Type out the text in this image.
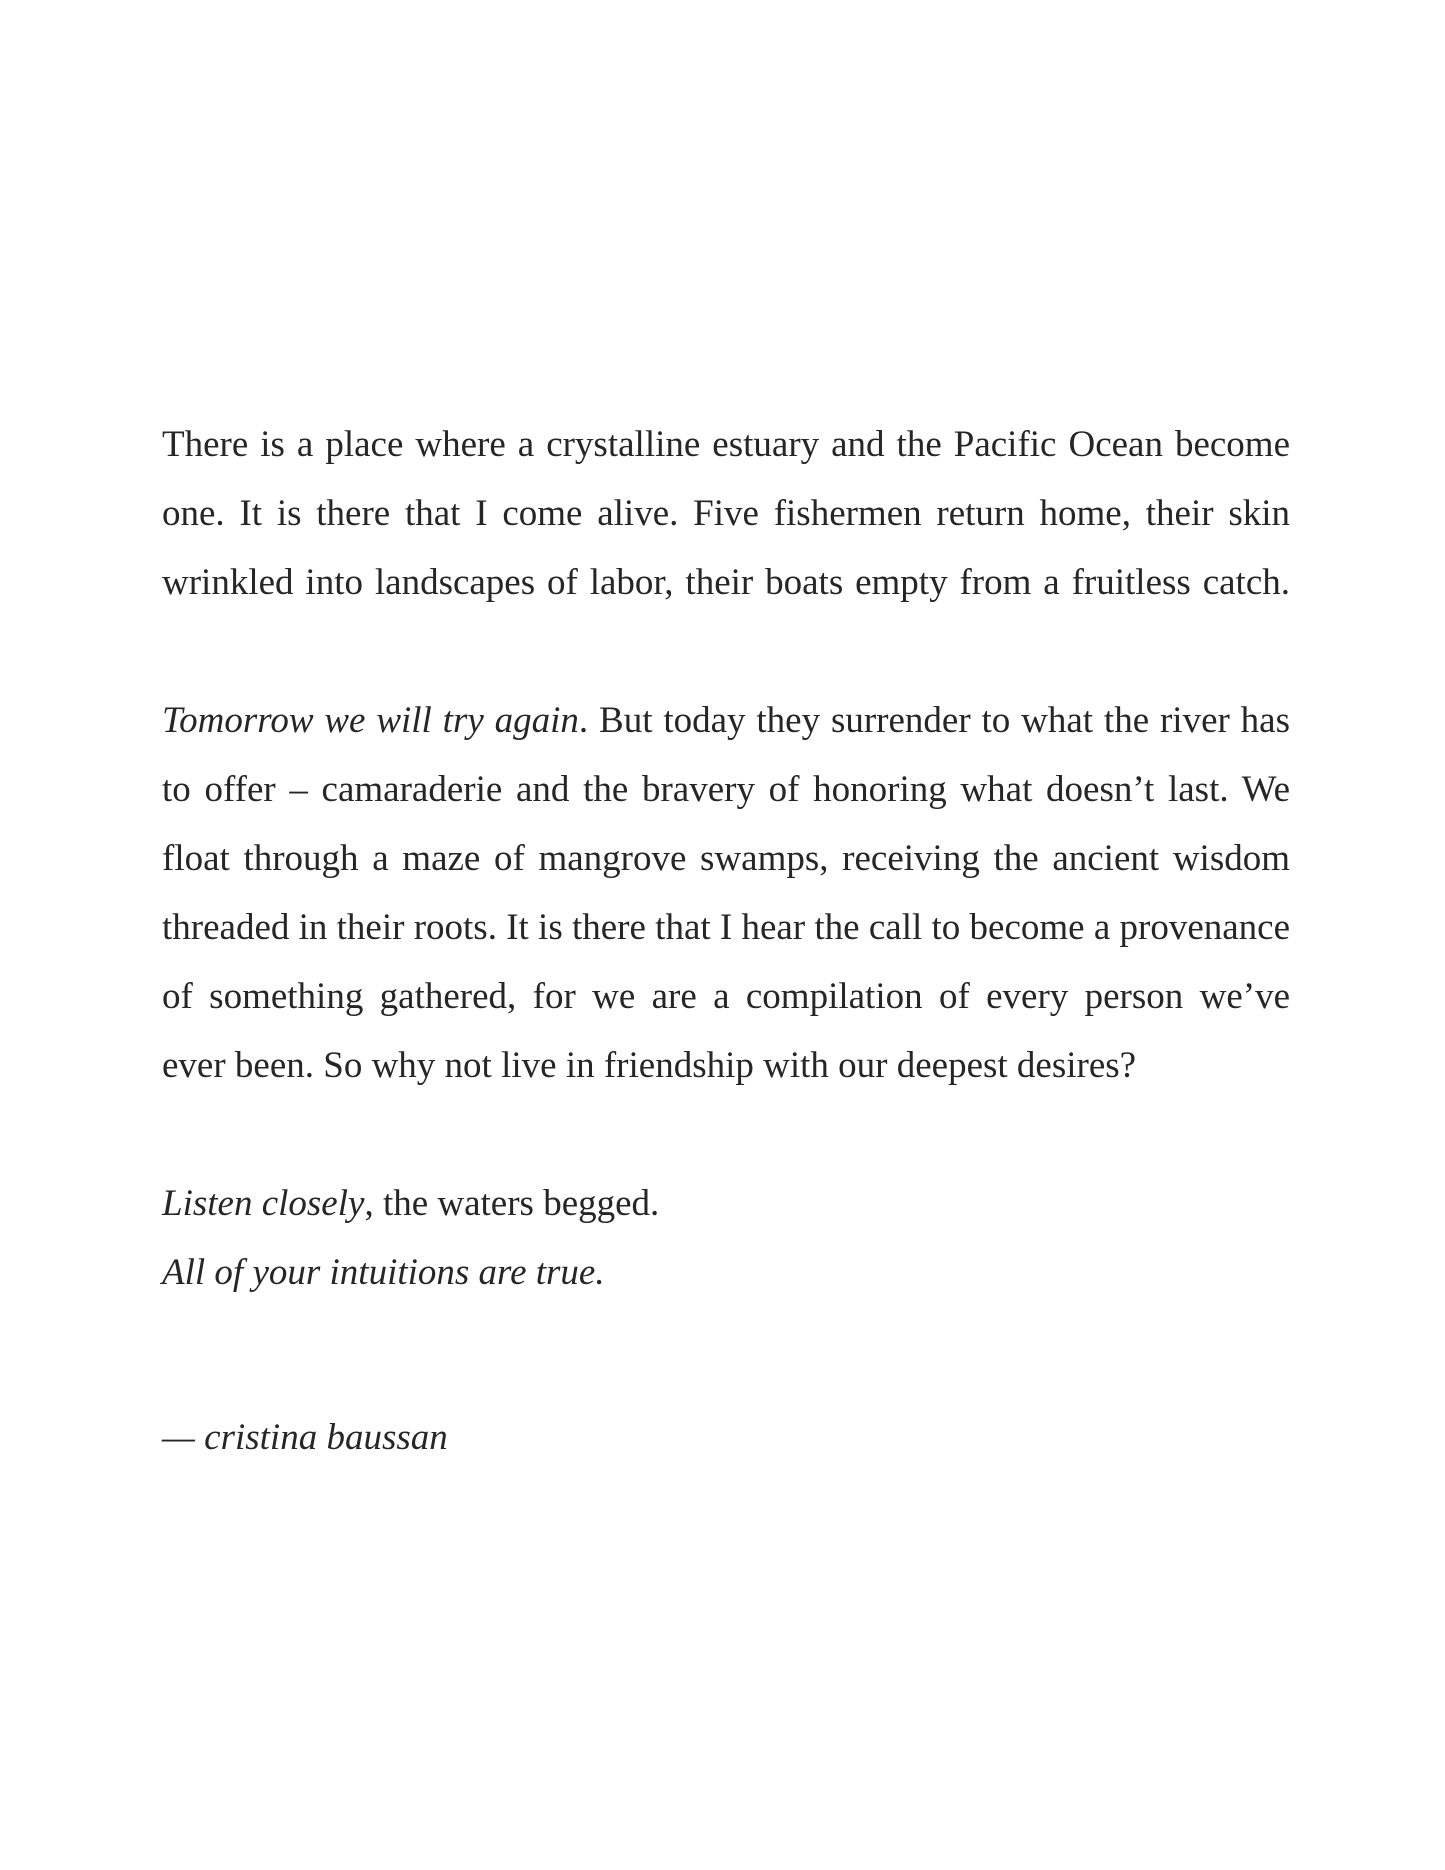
There is a place where a crystalline estuary and the Pacific Ocean become
one. It is there that I come alive. Five fishermen return home, their skin
wrinkled into landscapes of labor, their boats empty from a fruitless catch.
Tomorrow we will try again. But today they surrender to what the river has
to offer – camaraderie and the bravery of honoring what doesn’t last. We
float through a maze of mangrove swamps, receiving the ancient wisdom
threaded in their roots. It is there that I hear the call to become a provenance
of something gathered, for we are a compilation of every person we’ve
ever been. So why not live in friendship with our deepest desires?
Listen closely, the waters begged.
All of your intuitions are true.

— cristina baussan
